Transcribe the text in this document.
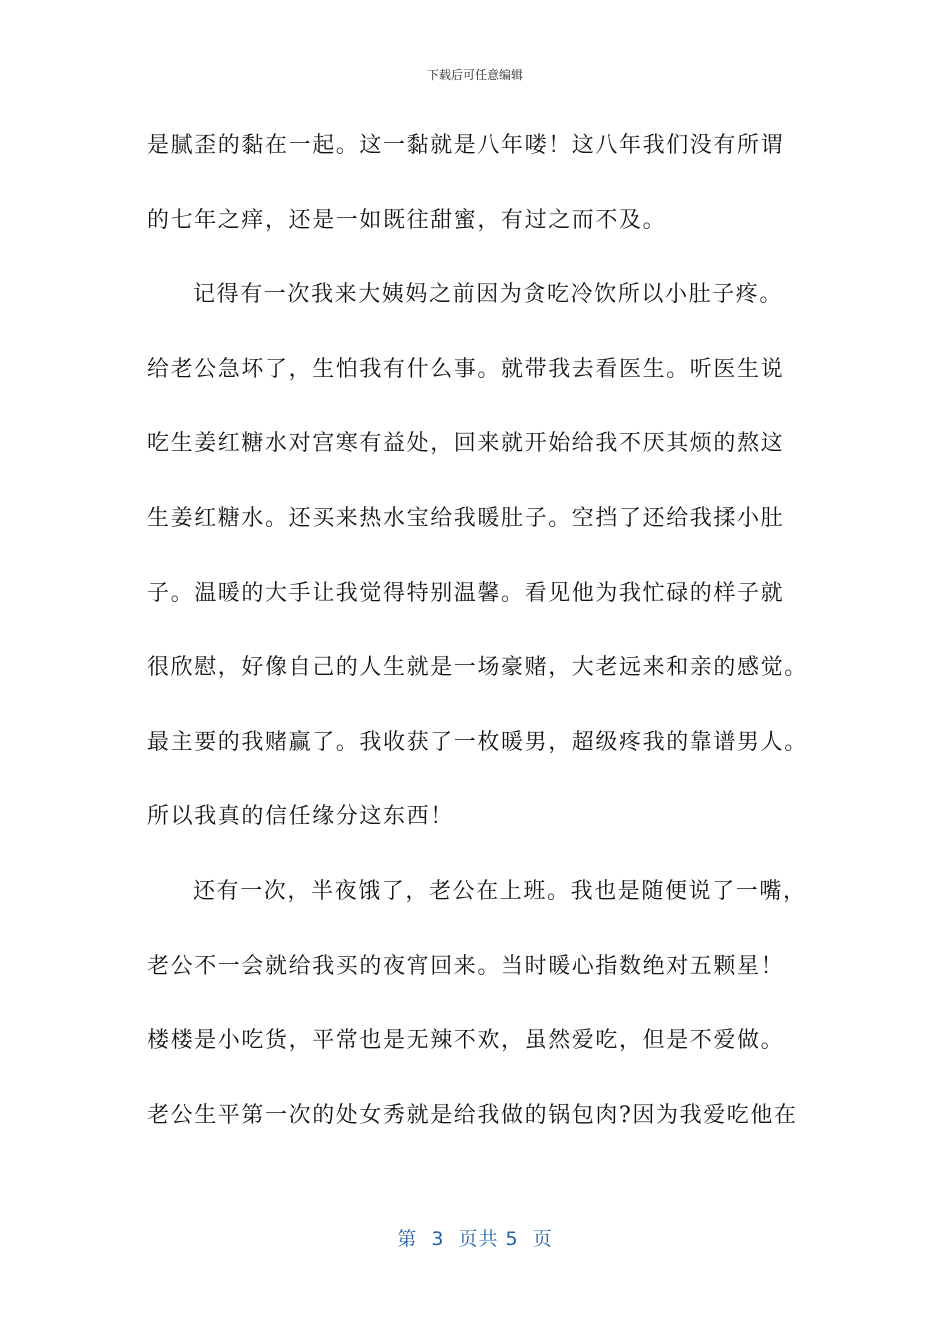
下载后可任意编辑
是腻歪的黏在一起。这一黏就是八年喽！这八年我们没有所谓
的七年之痒，还是一如既往甜蜜，有过之而不及。
记得有一次我来大姨妈之前因为贪吃冷饮所以小肚子疼。
给老公急坏了，生怕我有什么事。就带我去看医生。听医生说
吃生姜红糖水对宫寒有益处，回来就开始给我不厌其烦的熬这
生姜红糖水。还买来热水宝给我暖肚子。空挡了还给我揉小肚
子。温暖的大手让我觉得特别温馨。看见他为我忙碌的样子就
很欣慰，好像自己的人生就是一场豪赌，大老远来和亲的感觉。
最主要的我赌赢了。我收获了一枚暖男，超级疼我的靠谱男人。
所以我真的信任缘分这东西！
还有一次，半夜饿了，老公在上班。我也是随便说了一嘴，
老公不一会就给我买的夜宵回来。当时暖心指数绝对五颗星！
楼楼是小吃货，平常也是无辣不欢，虽然爱吃，但是不爱做。
老公生平第一次的处女秀就是给我做的锅包肉?因为我爱吃他在
第  3  页共 5  页
